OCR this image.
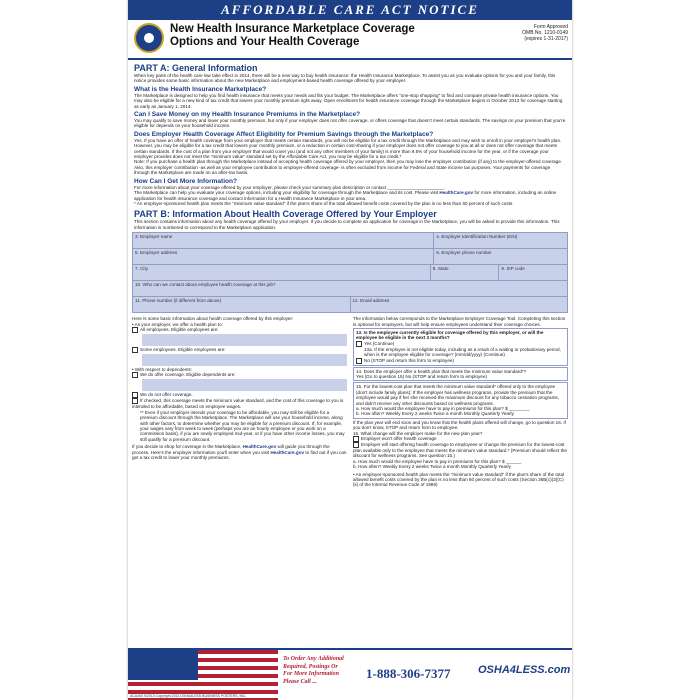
AFFORDABLE CARE ACT NOTICE
New Health Insurance Marketplace Coverage
Options and Your Health Coverage
Form Approved
OMB No. 1210-0149
(expires 1-31-2017)
PART A: General Information

When key parts of the health care law take effect in 2014, there will be a new way to buy health insurance: the Health Insurance Marketplace. To assist you as you evaluate options for you and your family, this notice provides some basic information about the new Marketplace and employment-based health coverage offered by your employer.

What is the Health Insurance Marketplace?

The Marketplace is designed to help you find health insurance that meets your needs and fits your budget. The Marketplace offers "one-stop shopping" to find and compare private health insurance options. You may also be eligible for a new kind of tax credit that lowers your monthly premium right away. Open enrollment for health insurance coverage through the Marketplace begins in October 2013 for coverage starting as early as January 1, 2014.

Can I Save Money on my Health Insurance Premiums in the Marketplace?

You may qualify to save money and lower your monthly premium, but only if your employer does not offer coverage, or offers coverage that doesn't meet certain standards. The savings on your premium that you're eligible for depends on your household income.

Does Employer Health Coverage Affect Eligibility for Premium Savings through the Marketplace?

Yes. If you have an offer of health coverage from your employer that meets certain standards, you will not be eligible for a tax credit through the Marketplace and may wish to enroll in your employer's health plan. However, you may be eligible for a tax credit that lowers your monthly premium, or a reduction in certain cost-sharing if your employer does not offer coverage to you at all or does not offer coverage that meets certain standards. If the cost of a plan from your employer that would cover you (and not any other members of your family) is more than 9.5% of your household income for the year, or if the coverage your employer provides does not meet the "minimum value" standard set by the Affordable Care Act, you may be eligible for a tax credit.*

Note: If you purchase a health plan through the Marketplace instead of accepting health coverage offered by your employer, then you may lose the employer contribution (if any) to the employer-offered coverage. Also, this employer contribution -as well as your employee contribution to employer-offered coverage- is often excluded from income for Federal and State income tax purposes. Your payments for coverage through the Marketplace are made on an after-tax basis.

How Can I Get More Information?

For more information about your coverage offered by your employer, please check your summary plan description or contact ______________________.

The Marketplace can help you evaluate your coverage options, including your eligibility for coverage through the Marketplace and its cost. Please visit HealthCare.gov for more information, including an online application for health insurance coverage and contact information for a Health Insurance Marketplace in your area.

* An employer-sponsored health plan meets the "minimum value standard" if the plan's share of the total allowed benefit costs covered by the plan is no less than 60 percent of such costs.

PART B: Information About Health Coverage Offered by Your Employer

This section contains information about any health coverage offered by your employer. If you decide to complete an application for coverage in the Marketplace, you will be asked to provide this information. This information is numbered to correspond to the Marketplace application.

3. Employer name	4. Employer Identification Number (EIN)
5. Employer address	6. Employer phone number
7. City	8. State	9. ZIP code
10. Who can we contact about employee health coverage at this job?
11. Phone number (if different from above)	12. Email address
Here is some basic information about health coverage offered by this employer:
• As your employer, we offer a health plan to:
All employees. Eligible employees are:
Some employees. Eligible employees are:
• With respect to dependents:
We do offer coverage. Eligible dependents are:
We do not offer coverage.
If checked, this coverage meets the minimum value standard, and the cost of this coverage to you is intended to be affordable, based on employee wages.
** Even if your employer intends your coverage to be affordable, you may still be eligible for a premium discount through the Marketplace. The Marketplace will use your household income, along with other factors, to determine whether you may be eligible for a premium discount. If, for example, your wages vary from week to week (perhaps you are an hourly employee or you work on a commission basis), if you are newly employed mid-year, or if you have other income losses, you may still qualify for a premium discount.
If you decide to shop for coverage in the Marketplace, HealthCare.gov will guide you through the process. Here's the employer information you'll enter when you visit HealthCare.gov to find out if you can get a tax credit to lower your monthly premiums.
The information below corresponds to the Marketplace Employer Coverage Tool. Completing this section is optional for employers, but will help ensure employees understand their coverage choices.
13. Is the employee currently eligible for coverage offered by this employer, or will the employee be eligible in the next 3 months?
Yes (Continue)
13a. If the employee is not eligible today, including as a result of a waiting or probationary period, when is the employee eligible for coverage? (mm/dd/yyyy) (Continue)
No (STOP and return this form to employee)
14. Does the employer offer a health plan that meets the minimum value standard*?
Yes (Go to question 15) No (STOP and return form to employee)
15. For the lowest-cost plan that meets the minimum value standard* offered only to the employee (don't include family plans): If the employer has wellness programs, provide the premium that the employee would pay if he/ she received the maximum discount for any tobacco cessation programs, and didn't receive any other discounts based on wellness programs.
a. How much would the employee have to pay in premiums for this plan? $ ________
b. How often? Weekly Every 2 weeks Twice a month Monthly Quarterly Yearly
If the plan year will end soon and you know that the health plans offered will change, go to question 16. If you don't know, STOP and return form to employee.
16. What change will the employer make for the new plan year?
Employer won't offer health coverage
Employer will start offering health coverage to employees or change the premium for the lowest-cost plan available only to the employee that meets the minimum value standard.* (Premium should reflect the discount for wellness programs. See question 15.)
a. How much would the employee have to pay in premiums for this plan? $ ______
b. How often? Weekly Every 2 weeks Twice a month Monthly Quarterly Yearly
• An employer-sponsored health plan meets the "minimum value standard" if the plan's share of the total allowed benefit costs covered by the plan is no less than 60 percent of such costs (Section 36B(c)(2)(C)(ii) of the Internal Revenue Code of 1986)
To Order Any Additional
Required, Postings Or
For More Information
Please Call ...
1-888-306-7377	OSHA4LESS.com
ACA400 9/2013 Copyright 2013 OSHA4LESS BUSINESS POSTERS, INC.
